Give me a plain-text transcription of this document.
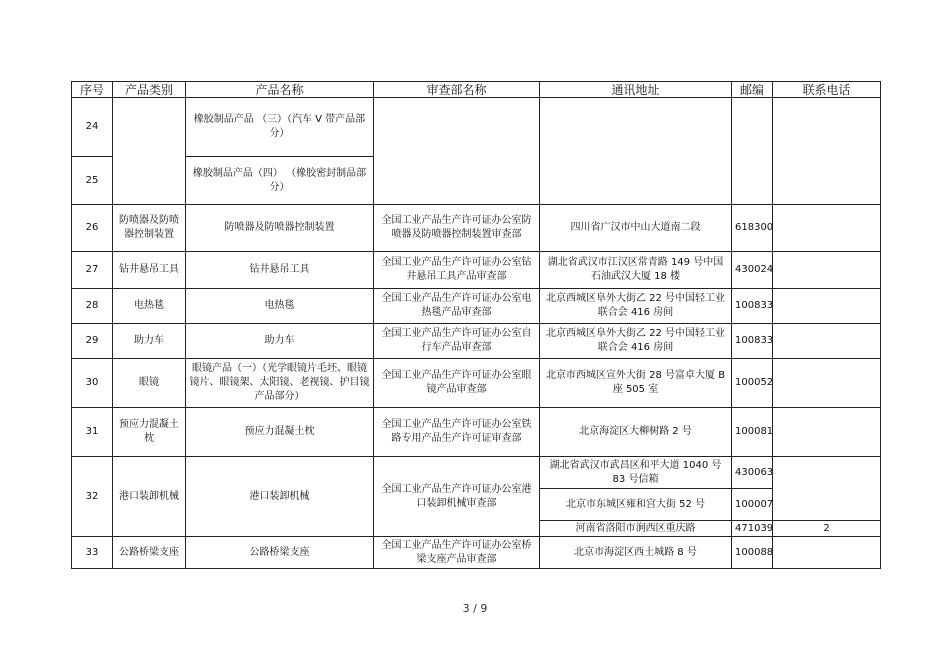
序号	产品类别	产品名称	审查部名称	通讯地址	邮编	联系电话
24		橡胶制品产品 （三）（汽车 V 带产品部分）				
25		橡胶制品产品（四） （橡胶密封制品部分）				
26	防喷器及防喷器控制装置	防喷器及防喷器控制装置	全国工业产品生产许可证办公室防喷器及防喷器控制装置审查部	四川省广汉市中山大道南二段	618300	
27	钻井悬吊工具	钻井悬吊工具	全国工业产品生产许可证办公室钻井悬吊工具产品审查部	湖北省武汉市江汉区常青路 149 号中国石油武汉大厦 18 楼	430024	
28	电热毯	电热毯	全国工业产品生产许可证办公室电热毯产品审查部	北京西城区阜外大街乙 22 号中国轻工业联合会 416 房间	100833	
29	助力车	助力车	全国工业产品生产许可证办公室自行车产品审查部	北京西城区阜外大街乙 22 号中国轻工业联合会 416 房间	100833	
30	眼镜	眼镜产品（一）（光学眼镜片毛坯、眼镜镜片、眼镜架、太阳镜、老视镜、护目镜产品部分）	全国工业产品生产许可证办公室眼镜产品审查部	北京市西城区宣外大街 28 号富卓大厦 B 座 505 室	100052	
31	预应力混凝土枕	预应力混凝土枕	全国工业产品生产许可证办公室铁路专用产品生产许可证审查部	北京海淀区大柳树路 2 号	100081	
32	港口装卸机械	港口装卸机械	全国工业产品生产许可证办公室港口装卸机械审查部	湖北省武汉市武昌区和平大道 1040 号 83 号信箱	430063	
				北京市东城区雍和宫大街 52 号	100007	
				河南省洛阳市涧西区重庆路	471039	2
33	公路桥梁支座	公路桥梁支座	全国工业产品生产许可证办公室桥梁支座产品审查部	北京市海淀区西土城路 8 号	100088	
3 / 9
